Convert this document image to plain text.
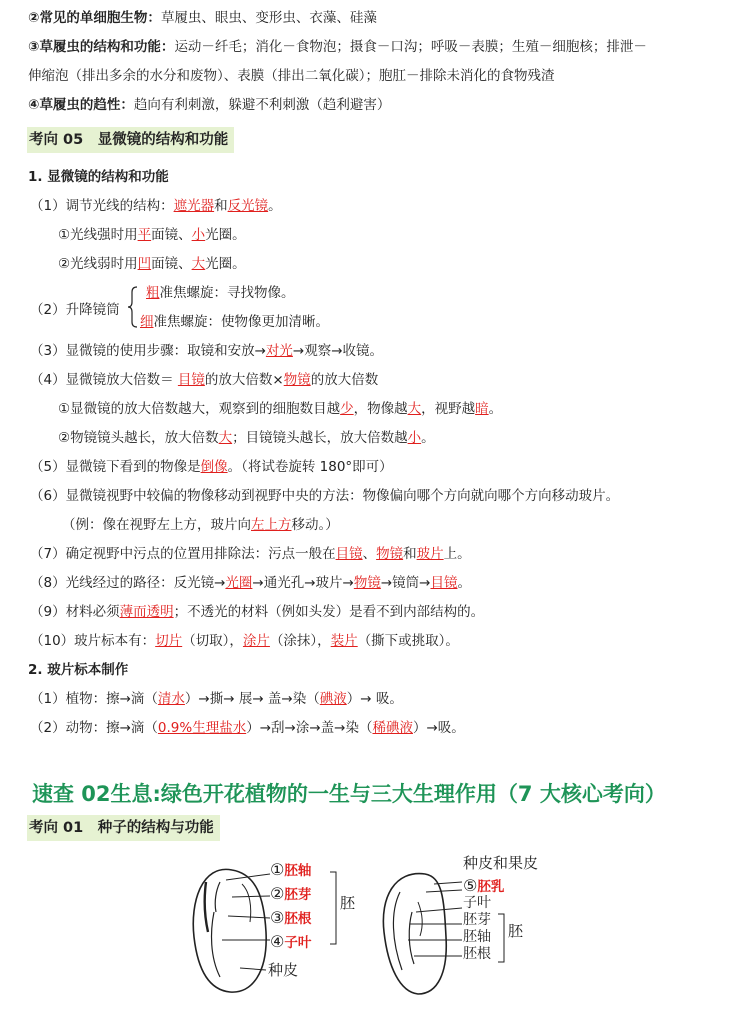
②常见的单细胞生物：草履虫、眼虫、变形虫、衣藻、硅藻
③草履虫的结构和功能：运动－纤毛；消化－食物泡；摄食－口沟；呼吸－表膜；生殖－细胞核；排泄－
伸缩泡（排出多余的水分和废物）、表膜（排出二氧化碳）；胞肛－排除未消化的食物残渣
④草履虫的趋性：趋向有利刺激，躲避不利刺激（趋利避害）
考向 05　显微镜的结构和功能
1. 显微镜的结构和功能
（1）调节光线的结构：遮光器和反光镜。
①光线强时用平面镜、小光圈。
②光线弱时用凹面镜、大光圈。
（2）升降镜筒
粗准焦螺旋：寻找物像。
细准焦螺旋：使物像更加清晰。
（3）显微镜的使用步骤：取镜和安放→对光→观察→收镜。
（4）显微镜放大倍数＝ 目镜的放大倍数×物镜的放大倍数
①显微镜的放大倍数越大，观察到的细胞数目越少，物像越大，视野越暗。
②物镜镜头越长，放大倍数大；目镜镜头越长，放大倍数越小。
（5）显微镜下看到的物像是倒像。（将试卷旋转 180°即可）
（6）显微镜视野中较偏的物像移动到视野中央的方法：物像偏向哪个方向就向哪个方向移动玻片。
（例：像在视野左上方，玻片向左上方移动。）
（7）确定视野中污点的位置用排除法：污点一般在目镜、物镜和玻片上。
（8）光线经过的路径：反光镜→光圈→通光孔→玻片→物镜→镜筒→目镜。
（9）材料必须薄而透明；不透光的材料（例如头发）是看不到内部结构的。
（10）玻片标本有：切片（切取），涂片（涂抹），装片（撕下或挑取）。
2. 玻片标本制作
（1）植物：擦→滴（清水）→撕→ 展→ 盖→染（碘液）→ 吸。
（2）动物：擦→滴（0.9%生理盐水）→刮→涂→盖→染（稀碘液）→吸。
速查 02生息:绿色开花植物的一生与三大生理作用（7 大核心考向）
考向 01　种子的结构与功能
①胚轴
②胚芽
③胚根
④子叶
胚
种皮
种皮和果皮
⑤胚乳
子叶
胚芽
胚轴
胚根
胚
